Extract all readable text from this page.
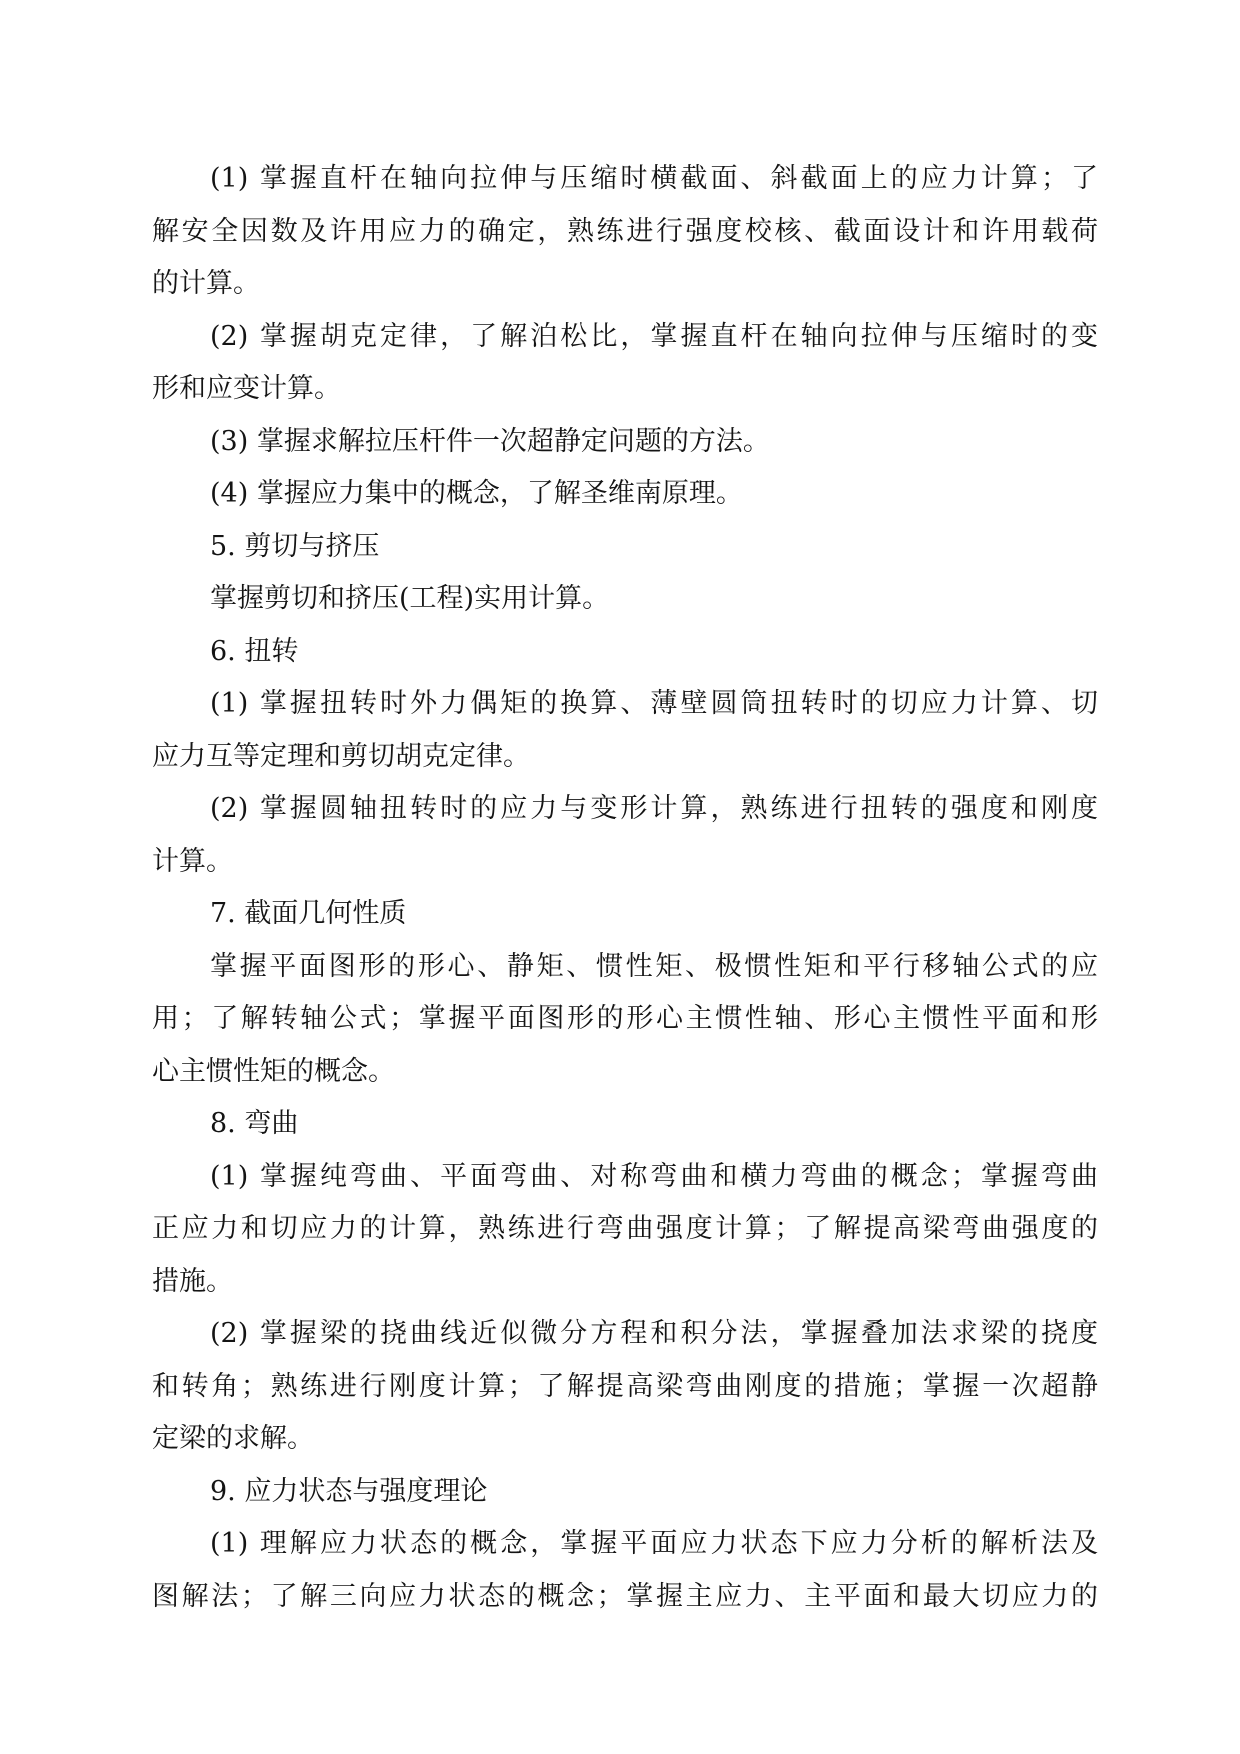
(1) 掌握直杆在轴向拉伸与压缩时横截面、斜截面上的应力计算；了
解安全因数及许用应力的确定，熟练进行强度校核、截面设计和许用载荷
的计算。
(2) 掌握胡克定律，了解泊松比，掌握直杆在轴向拉伸与压缩时的变
形和应变计算。
(3) 掌握求解拉压杆件一次超静定问题的方法。
(4) 掌握应力集中的概念，了解圣维南原理。
5. 剪切与挤压
掌握剪切和挤压(工程)实用计算。
6. 扭转
(1) 掌握扭转时外力偶矩的换算、薄壁圆筒扭转时的切应力计算、切
应力互等定理和剪切胡克定律。
(2) 掌握圆轴扭转时的应力与变形计算，熟练进行扭转的强度和刚度
计算。
7. 截面几何性质
掌握平面图形的形心、静矩、惯性矩、极惯性矩和平行移轴公式的应
用；了解转轴公式；掌握平面图形的形心主惯性轴、形心主惯性平面和形
心主惯性矩的概念。
8. 弯曲
(1) 掌握纯弯曲、平面弯曲、对称弯曲和横力弯曲的概念；掌握弯曲
正应力和切应力的计算，熟练进行弯曲强度计算；了解提高梁弯曲强度的
措施。
(2) 掌握梁的挠曲线近似微分方程和积分法，掌握叠加法求梁的挠度
和转角；熟练进行刚度计算；了解提高梁弯曲刚度的措施；掌握一次超静
定梁的求解。
9. 应力状态与强度理论
(1) 理解应力状态的概念，掌握平面应力状态下应力分析的解析法及
图解法；了解三向应力状态的概念；掌握主应力、主平面和最大切应力的
